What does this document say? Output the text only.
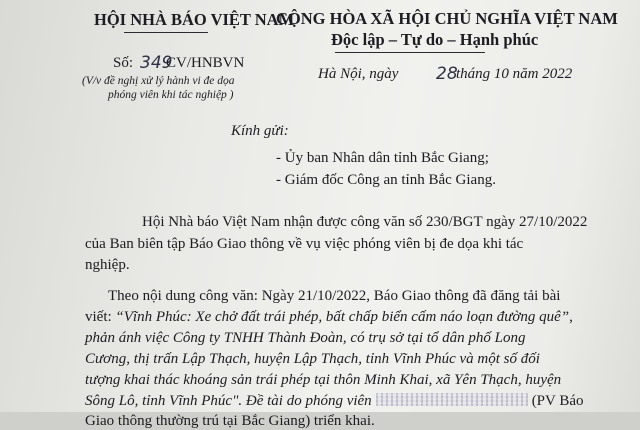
HỘI NHÀ BÁO VIỆT NAM
CỘNG HÒA XÃ HỘI CHỦ NGHĨA VIỆT NAM
Độc lập – Tự do – Hạnh phúc
Số: 349
CV/HNBVN
(V/v đề nghị xử lý hành vi đe dọa
phóng viên khi tác nghiệp )
Hà Nội, ngày 28
tháng 10 năm 2022
Kính gửi:
- Ủy ban Nhân dân tỉnh Bắc Giang;
- Giám đốc Công an tỉnh Bắc Giang.
Hội Nhà báo Việt Nam nhận được công văn số 230/BGT ngày 27/10/2022
của Ban biên tập Báo Giao thông về vụ việc phóng viên bị đe dọa khi tác
nghiệp.
Theo nội dung công văn: Ngày 21/10/2022, Báo Giao thông đã đăng tải bài
viết: “Vĩnh Phúc: Xe chở đất trái phép, bất chấp biển cấm náo loạn đường quê”,
phản ánh việc Công ty TNHH Thành Đoàn, có trụ sở tại tổ dân phố Long
Cương, thị trấn Lập Thạch, huyện Lập Thạch, tỉnh Vĩnh Phúc và một số đối
tượng khai thác khoáng sản trái phép tại thôn Minh Khai, xã Yên Thạch, huyện
Sông Lô, tỉnh Vĩnh Phúc". Đề tài do phóng viên	(PV Báo
Giao thông thường trú tại Bắc Giang) triển khai.
